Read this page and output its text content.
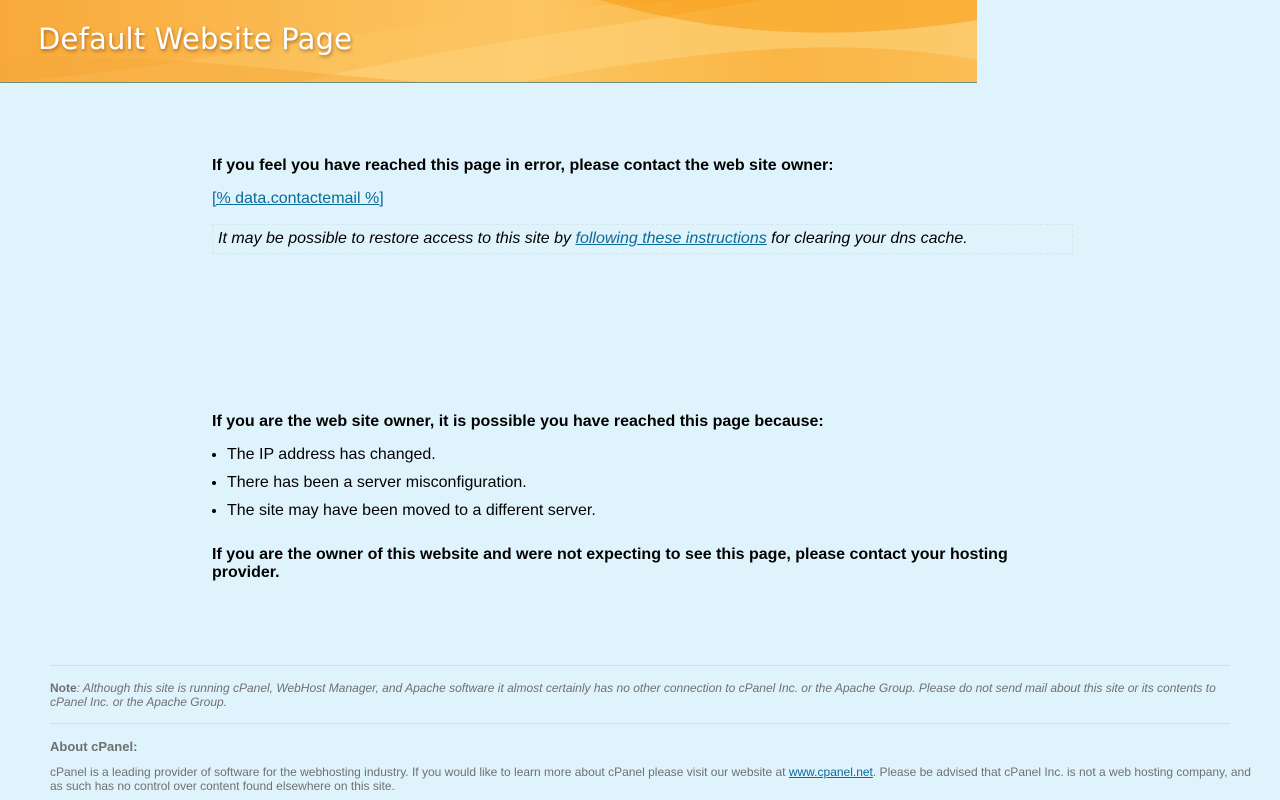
Default Website Page

If you feel you have reached this page in error, please contact the web site owner:

[% data.contactemail %]
It may be possible to restore access to this site by following these instructions for clearing your dns cache.

If you are the web site owner, it is possible you have reached this page because:

• The IP address has changed.
• There has been a server misconfiguration.
• The site may have been moved to a different server.

If you are the owner of this website and were not expecting to see this page, please contact your hosting provider.

Note: Although this site is running cPanel, WebHost Manager, and Apache software it almost certainly has no other connection to cPanel Inc. or the Apache Group. Please do not send mail about this site or its contents to cPanel Inc. or the Apache Group.
About cPanel:
cPanel is a leading provider of software for the webhosting industry. If you would like to learn more about cPanel please visit our website at www.cpanel.net. Please be advised that cPanel Inc. is not a web hosting company, and as such has no control over content found elsewhere on this site.
